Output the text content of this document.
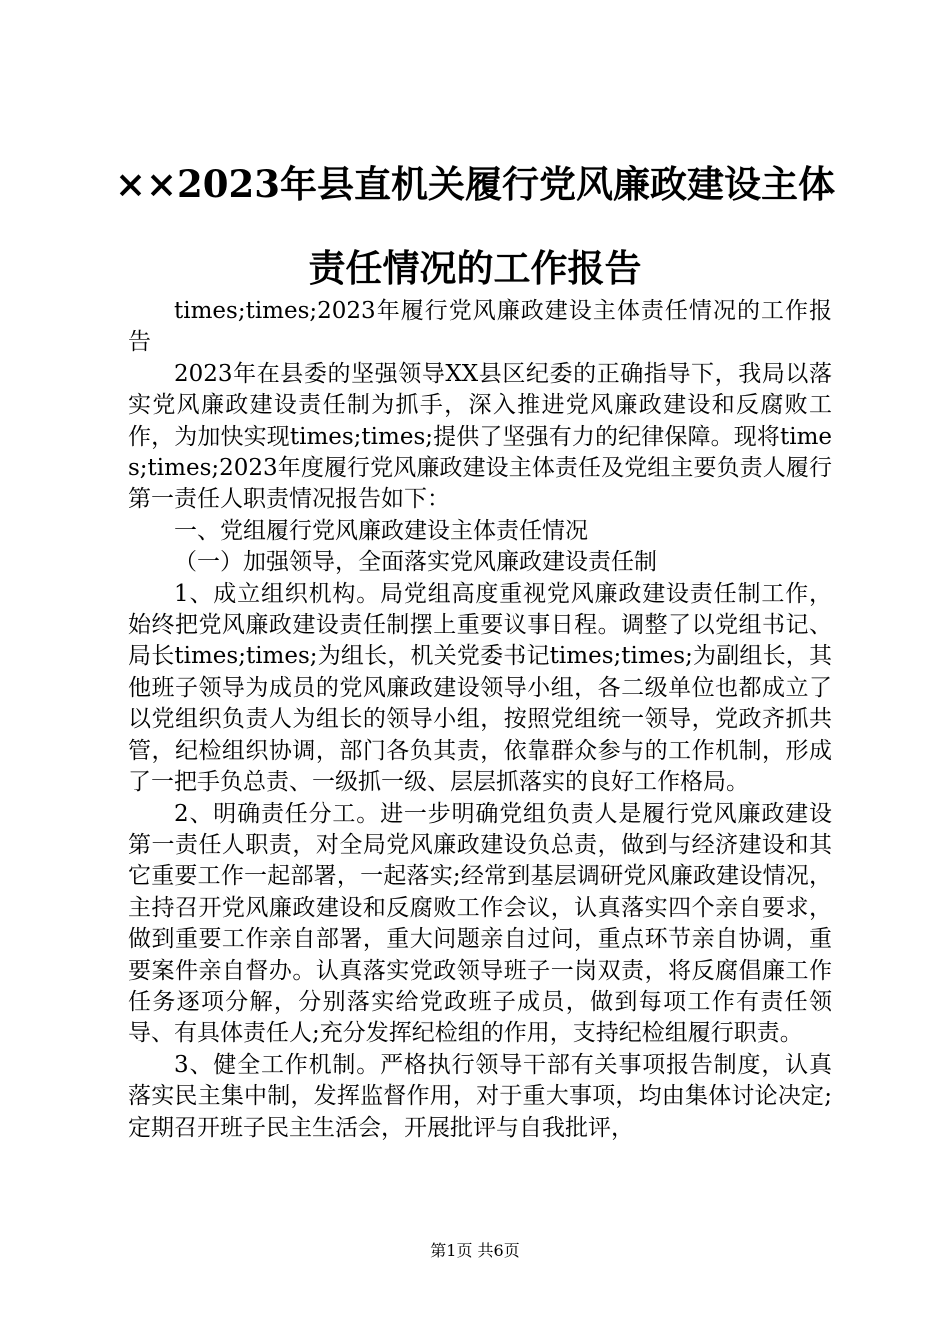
××2023年县直机关履行党风廉政建设主体
责任情况的工作报告

times;times;2023年履行党风廉政建设主体责任情况的工作报告

2023年在县委的坚强领导XX县区纪委的正确指导下，我局以落实党风廉政建设责任制为抓手，深入推进党风廉政建设和反腐败工作，为加快实现times;times;提供了坚强有力的纪律保障。现将times;times;2023年度履行党风廉政建设主体责任及党组主要负责人履行第一责任人职责情况报告如下：

一、党组履行党风廉政建设主体责任情况

（一）加强领导，全面落实党风廉政建设责任制

1、成立组织机构。局党组高度重视党风廉政建设责任制工作，始终把党风廉政建设责任制摆上重要议事日程。调整了以党组书记、局长times;times;为组长，机关党委书记times;times;为副组长，其他班子领导为成员的党风廉政建设领导小组，各二级单位也都成立了以党组织负责人为组长的领导小组，按照党组统一领导，党政齐抓共管，纪检组织协调，部门各负其责，依靠群众参与的工作机制，形成了一把手负总责、一级抓一级、层层抓落实的良好工作格局。

2、明确责任分工。进一步明确党组负责人是履行党风廉政建设第一责任人职责，对全局党风廉政建设负总责，做到与经济建设和其它重要工作一起部署，一起落实;经常到基层调研党风廉政建设情况，主持召开党风廉政建设和反腐败工作会议，认真落实四个亲自要求，做到重要工作亲自部署，重大问题亲自过问，重点环节亲自协调，重要案件亲自督办。认真落实党政领导班子一岗双责，将反腐倡廉工作任务逐项分解，分别落实给党政班子成员，做到每项工作有责任领导、有具体责任人;充分发挥纪检组的作用，支持纪检组履行职责。

3、健全工作机制。严格执行领导干部有关事项报告制度，认真落实民主集中制，发挥监督作用，对于重大事项，均由集体讨论决定;定期召开班子民主生活会，开展批评与自我批评，

第1页 共6页
